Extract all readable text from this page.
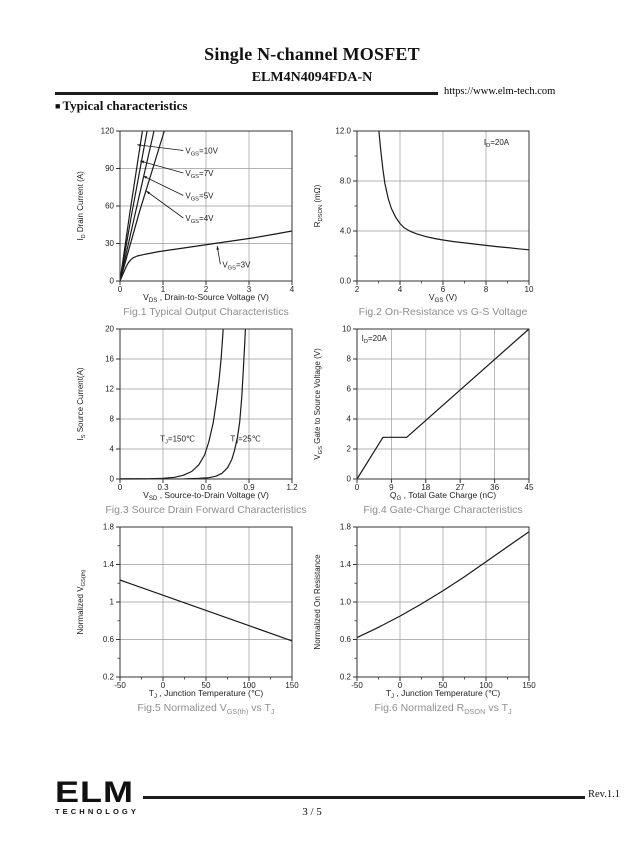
Single N-channel MOSFET
ELM4N4094FDA-N
https://www.elm-tech.com
■ Typical characteristics
0	1	2	3	4
0
30
60
90
120
$V_{DS}$ , Drain-to-Source Voltage (V)
$I_D$ Drain Current (A)
$V_{GS}=10V$
$V_{GS}=7V$
$V_{GS}=5V$
$V_{GS}=4V$
$V_{GS}=3V$
Fig.1 Typical Output Characteristics
2	4	6	8	10
0.0
4.0
8.0
12.0
$V_{GS}$ (V)
$R_{DSON}$ (mΩ)
$I_D=20A$
Fig.2 On-Resistance vs G-S Voltage
0	0.3	0.6	0.9	1.2
0
4
8
12
16
20
$V_{SD}$ , Source-to-Drain Voltage (V)
$I_S$ Source Current(A)
$T_J=150℃$	$T_J=25℃$
Fig.3 Source Drain Forward Characteristics
0	9	18	27	36	45
0
2
4
6
8
10
$Q_G$ , Total Gate Charge (nC)
$V_{GS}$ Gate to Source Voltage (V)
$I_D=20A$
Fig.4 Gate-Charge Characteristics
-50	0	50	100	150
0.2
0.6
1
1.4
1.8
$T_J$ , Junction Temperature (℃)
Normalized $V_{GS(th)}$
Fig.5 Normalized $V_{GS(th)}$ vs $T_J$
-50	0	50	100	150
0.2
0.6
1.0
1.4
1.8
$T_J$ , Junction Temperature (℃)
Normalized On Resistance
Fig.6 Normalized $R_{DSON}$ vs $T_J$
ELM
TECHNOLOGY
Rev.1.1
3 / 5
